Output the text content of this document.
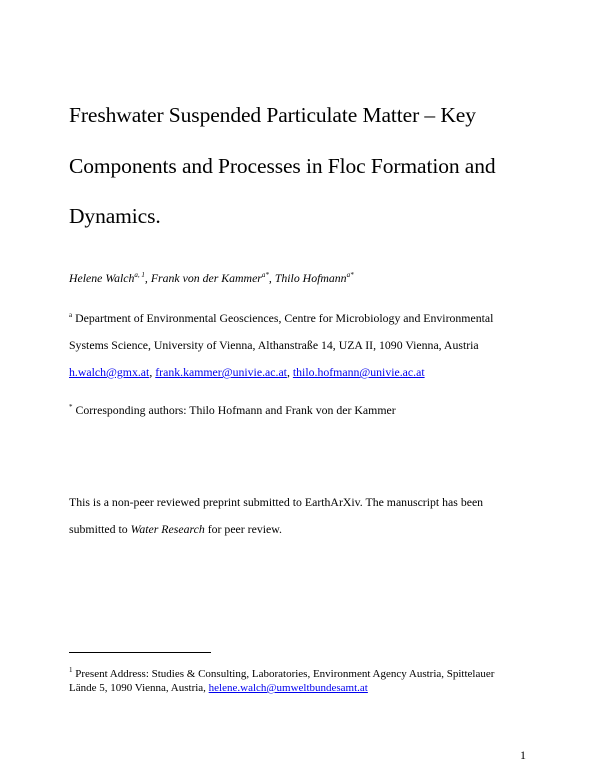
Freshwater Suspended Particulate Matter – Key
Components and Processes in Floc Formation and
Dynamics.
Helene Walch$^{a, 1}$, Frank von der Kammer$^{a*}$, Thilo Hofmann$^{a*}$
$^a$ Department of Environmental Geosciences, Centre for Microbiology and Environmental
Systems Science, University of Vienna, Althanstraße 14, UZA II, 1090 Vienna, Austria
h.walch@gmx.at, frank.kammer@univie.ac.at, thilo.hofmann@univie.ac.at
* Corresponding authors: Thilo Hofmann and Frank von der Kammer
This is a non-peer reviewed preprint submitted to EarthArXiv. The manuscript has been
submitted to Water Research for peer review.
$^1$ Present Address: Studies & Consulting, Laboratories, Environment Agency Austria, Spittelauer
Lände 5, 1090 Vienna, Austria, helene.walch@umweltbundesamt.at
1
